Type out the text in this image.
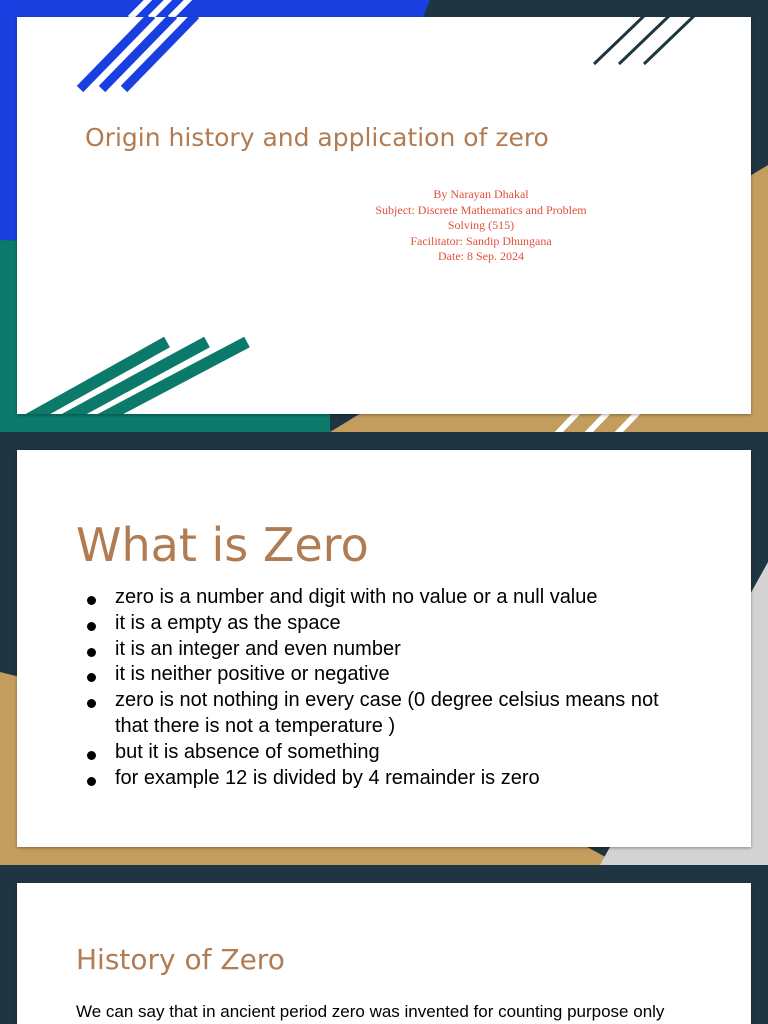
Origin history and application of zero
By Narayan Dhakal
Subject: Discrete Mathematics and Problem
Solving (515)
Facilitator: Sandip Dhungana
Date: 8 Sep. 2024
What is Zero
zero is a number and digit with no value or a null value
it is a empty as the space
it is an integer and even number
it is neither positive or negative
zero is not nothing in every case (0 degree celsius means not that there is not a temperature )
but it is absence of something
for example 12 is divided by 4 remainder is zero
History of Zero

We can say that in ancient period zero was invented for counting purpose only
